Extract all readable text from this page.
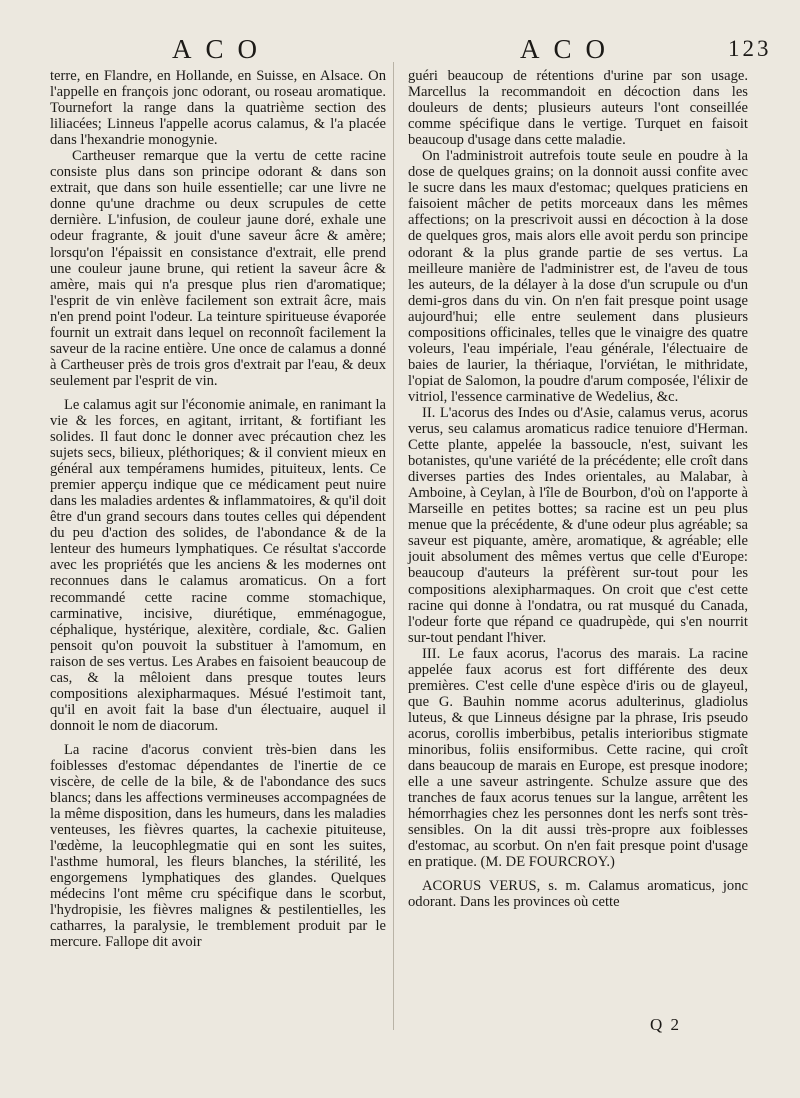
ACO	ACO	123

terre, en Flandre, en Hollande, en Suisse, en Alsace. On l'appelle en françois jonc odorant, ou roseau aromatique. Tournefort la range dans la quatrième section des liliacées; Linneus l'appelle acorus calamus, & l'a placée dans l'hexandrie monogynie.

Cartheuser remarque que la vertu de cette racine consiste plus dans son principe odorant & dans son extrait, que dans son huile essentielle; car une livre ne donne qu'une drachme ou deux scrupules de cette dernière. L'infusion, de couleur jaune doré, exhale une odeur fragrante, & jouit d'une saveur âcre & amère; lorsqu'on l'épaissit en consistance d'extrait, elle prend une couleur jaune brune, qui retient la saveur âcre & amère, mais qui n'a presque plus rien d'aromatique; l'esprit de vin enlève facilement son extrait âcre, mais n'en prend point l'odeur. La teinture spiritueuse évaporée fournit un extrait dans lequel on reconnoît facilement la saveur de la racine entière. Une once de calamus a donné à Cartheuser près de trois gros d'extrait par l'eau, & deux seulement par l'esprit de vin.

Le calamus agit sur l'économie animale, en ranimant la vie & les forces, en agitant, irritant, & fortifiant les solides. Il faut donc le donner avec précaution chez les sujets secs, bilieux, pléthoriques; & il convient mieux en général aux tempéramens humides, pituiteux, lents. Ce premier apperçu indique que ce médicament peut nuire dans les maladies ardentes & inflammatoires, & qu'il doit être d'un grand secours dans toutes celles qui dépendent du peu d'action des solides, de l'abondance & de la lenteur des humeurs lymphatiques. Ce résultat s'accorde avec les propriétés que les anciens & les modernes ont reconnues dans le calamus aromaticus. On a fort recommandé cette racine comme stomachique, carminative, incisive, diurétique, emménagogue, céphalique, hystérique, alexitère, cordiale, &c. Galien pensoit qu'on pouvoit la substituer à l'amomum, en raison de ses vertus. Les Arabes en faisoient beaucoup de cas, & la mêloient dans presque toutes leurs compositions alexipharmaques. Mésué l'estimoit tant, qu'il en avoit fait la base d'un électuaire, auquel il donnoit le nom de diacorum.

La racine d'acorus convient très-bien dans les foiblesses d'estomac dépendantes de l'inertie de ce viscère, de celle de la bile, & de l'abondance des sucs blancs; dans les affections vermineuses accompagnées de la même disposition, dans les humeurs, dans les maladies venteuses, les fièvres quartes, la cachexie pituiteuse, l'œdème, la leucophlegmatie qui en sont les suites, l'asthme humoral, les fleurs blanches, la stérilité, les engorgemens lymphatiques des glandes. Quelques médecins l'ont même cru spécifique dans le scorbut, l'hydropisie, les fièvres malignes & pestilentielles, les catharres, la paralysie, le tremblement produit par le mercure. Fallope dit avoir

guéri beaucoup de rétentions d'urine par son usage. Marcellus la recommandoit en décoction dans les douleurs de dents; plusieurs auteurs l'ont conseillée comme spécifique dans le vertige. Turquet en faisoit beaucoup d'usage dans cette maladie.

On l'administroit autrefois toute seule en poudre à la dose de quelques grains; on la donnoit aussi confite avec le sucre dans les maux d'estomac; quelques praticiens en faisoient mâcher de petits morceaux dans les mêmes affections; on la prescrivoit aussi en décoction à la dose de quelques gros, mais alors elle avoit perdu son principe odorant & la plus grande partie de ses vertus. La meilleure manière de l'administrer est, de l'aveu de tous les auteurs, de la délayer à la dose d'un scrupule ou d'un demi-gros dans du vin. On n'en fait presque point usage aujourd'hui; elle entre seulement dans plusieurs compositions officinales, telles que le vinaigre des quatre voleurs, l'eau impériale, l'eau générale, l'électuaire de baies de laurier, la thériaque, l'orviétan, le mithridate, l'opiat de Salomon, la poudre d'arum composée, l'élixir de vitriol, l'essence carminative de Wedelius, &c.

II. L'acorus des Indes ou d'Asie, calamus verus, acorus verus, seu calamus aromaticus radice tenuiore d'Herman. Cette plante, appelée la bassoucle, n'est, suivant les botanistes, qu'une variété de la précédente; elle croît dans diverses parties des Indes orientales, au Malabar, à Amboine, à Ceylan, à l'île de Bourbon, d'où on l'apporte à Marseille en petites bottes; sa racine est un peu plus menue que la précédente, & d'une odeur plus agréable; sa saveur est piquante, amère, aromatique, & agréable; elle jouit absolument des mêmes vertus que celle d'Europe: beaucoup d'auteurs la préfèrent sur-tout pour les compositions alexipharmaques. On croit que c'est cette racine qui donne à l'ondatra, ou rat musqué du Canada, l'odeur forte que répand ce quadrupède, qui s'en nourrit sur-tout pendant l'hiver.

III. Le faux acorus, l'acorus des marais. La racine appelée faux acorus est fort différente des deux premières. C'est celle d'une espèce d'iris ou de glayeul, que G. Bauhin nomme acorus adulterinus, gladiolus luteus, & que Linneus désigne par la phrase, Iris pseudo acorus, corollis imberbibus, petalis interioribus stigmate minoribus, foliis ensiformibus. Cette racine, qui croît dans beaucoup de marais en Europe, est presque inodore; elle a une saveur astringente. Schulze assure que des tranches de faux acorus tenues sur la langue, arrêtent les hémorrhagies chez les personnes dont les nerfs sont très-sensibles. On la dit aussi très-propre aux foiblesses d'estomac, au scorbut. On n'en fait presque point d'usage en pratique. (M. DE FOURCROY.)

ACORUS VERUS, s. m. Calamus aromaticus, jonc odorant. Dans les provinces où cette

Q 2
